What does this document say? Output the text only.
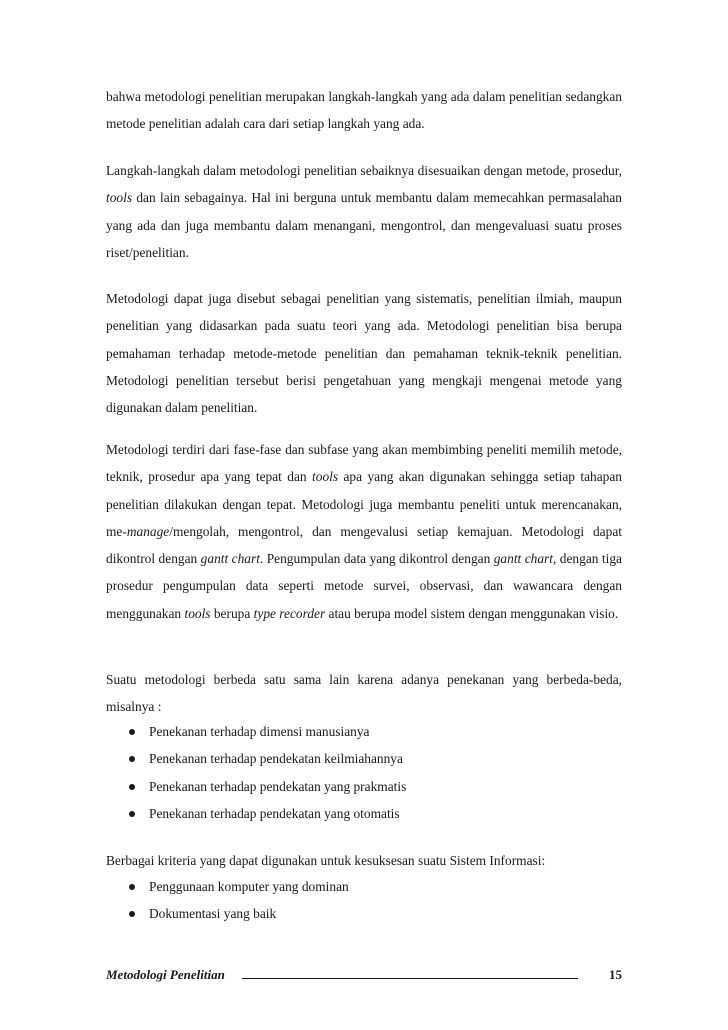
bahwa metodologi penelitian merupakan langkah-langkah yang ada dalam penelitian sedangkan metode penelitian adalah cara dari setiap langkah yang ada.

Langkah-langkah dalam metodologi penelitian sebaiknya disesuaikan dengan metode, prosedur, tools dan lain sebagainya. Hal ini berguna untuk membantu dalam memecahkan permasalahan yang ada dan juga membantu dalam menangani, mengontrol, dan mengevaluasi suatu proses riset/penelitian.

Metodologi dapat juga disebut sebagai penelitian yang sistematis, penelitian ilmiah, maupun penelitian yang didasarkan pada suatu teori yang ada. Metodologi penelitian bisa berupa pemahaman terhadap metode-metode penelitian dan pemahaman teknik-teknik penelitian. Metodologi penelitian tersebut berisi pengetahuan yang mengkaji mengenai metode yang digunakan dalam penelitian.

Metodologi terdiri dari fase-fase dan subfase yang akan membimbing peneliti memilih metode, teknik, prosedur apa yang tepat dan tools apa yang akan digunakan sehingga setiap tahapan penelitian dilakukan dengan tepat. Metodologi juga membantu peneliti untuk merencanakan, me-manage/mengolah, mengontrol, dan mengevalusi setiap kemajuan. Metodologi dapat dikontrol dengan gantt chart. Pengumpulan data yang dikontrol dengan gantt chart, dengan tiga prosedur pengumpulan data seperti metode survei, observasi, dan wawancara dengan menggunakan tools berupa type recorder atau berupa model sistem dengan menggunakan visio.

Suatu metodologi berbeda satu sama lain karena adanya penekanan yang berbeda-beda, misalnya :

Penekanan terhadap dimensi manusianya
Penekanan terhadap pendekatan keilmiahannya
Penekanan terhadap pendekatan yang prakmatis
Penekanan terhadap pendekatan yang otomatis

Berbagai kriteria yang dapat digunakan untuk kesuksesan suatu Sistem Informasi:

Penggunaan komputer yang dominan
Dokumentasi yang baik
Metodologi Penelitian	15
